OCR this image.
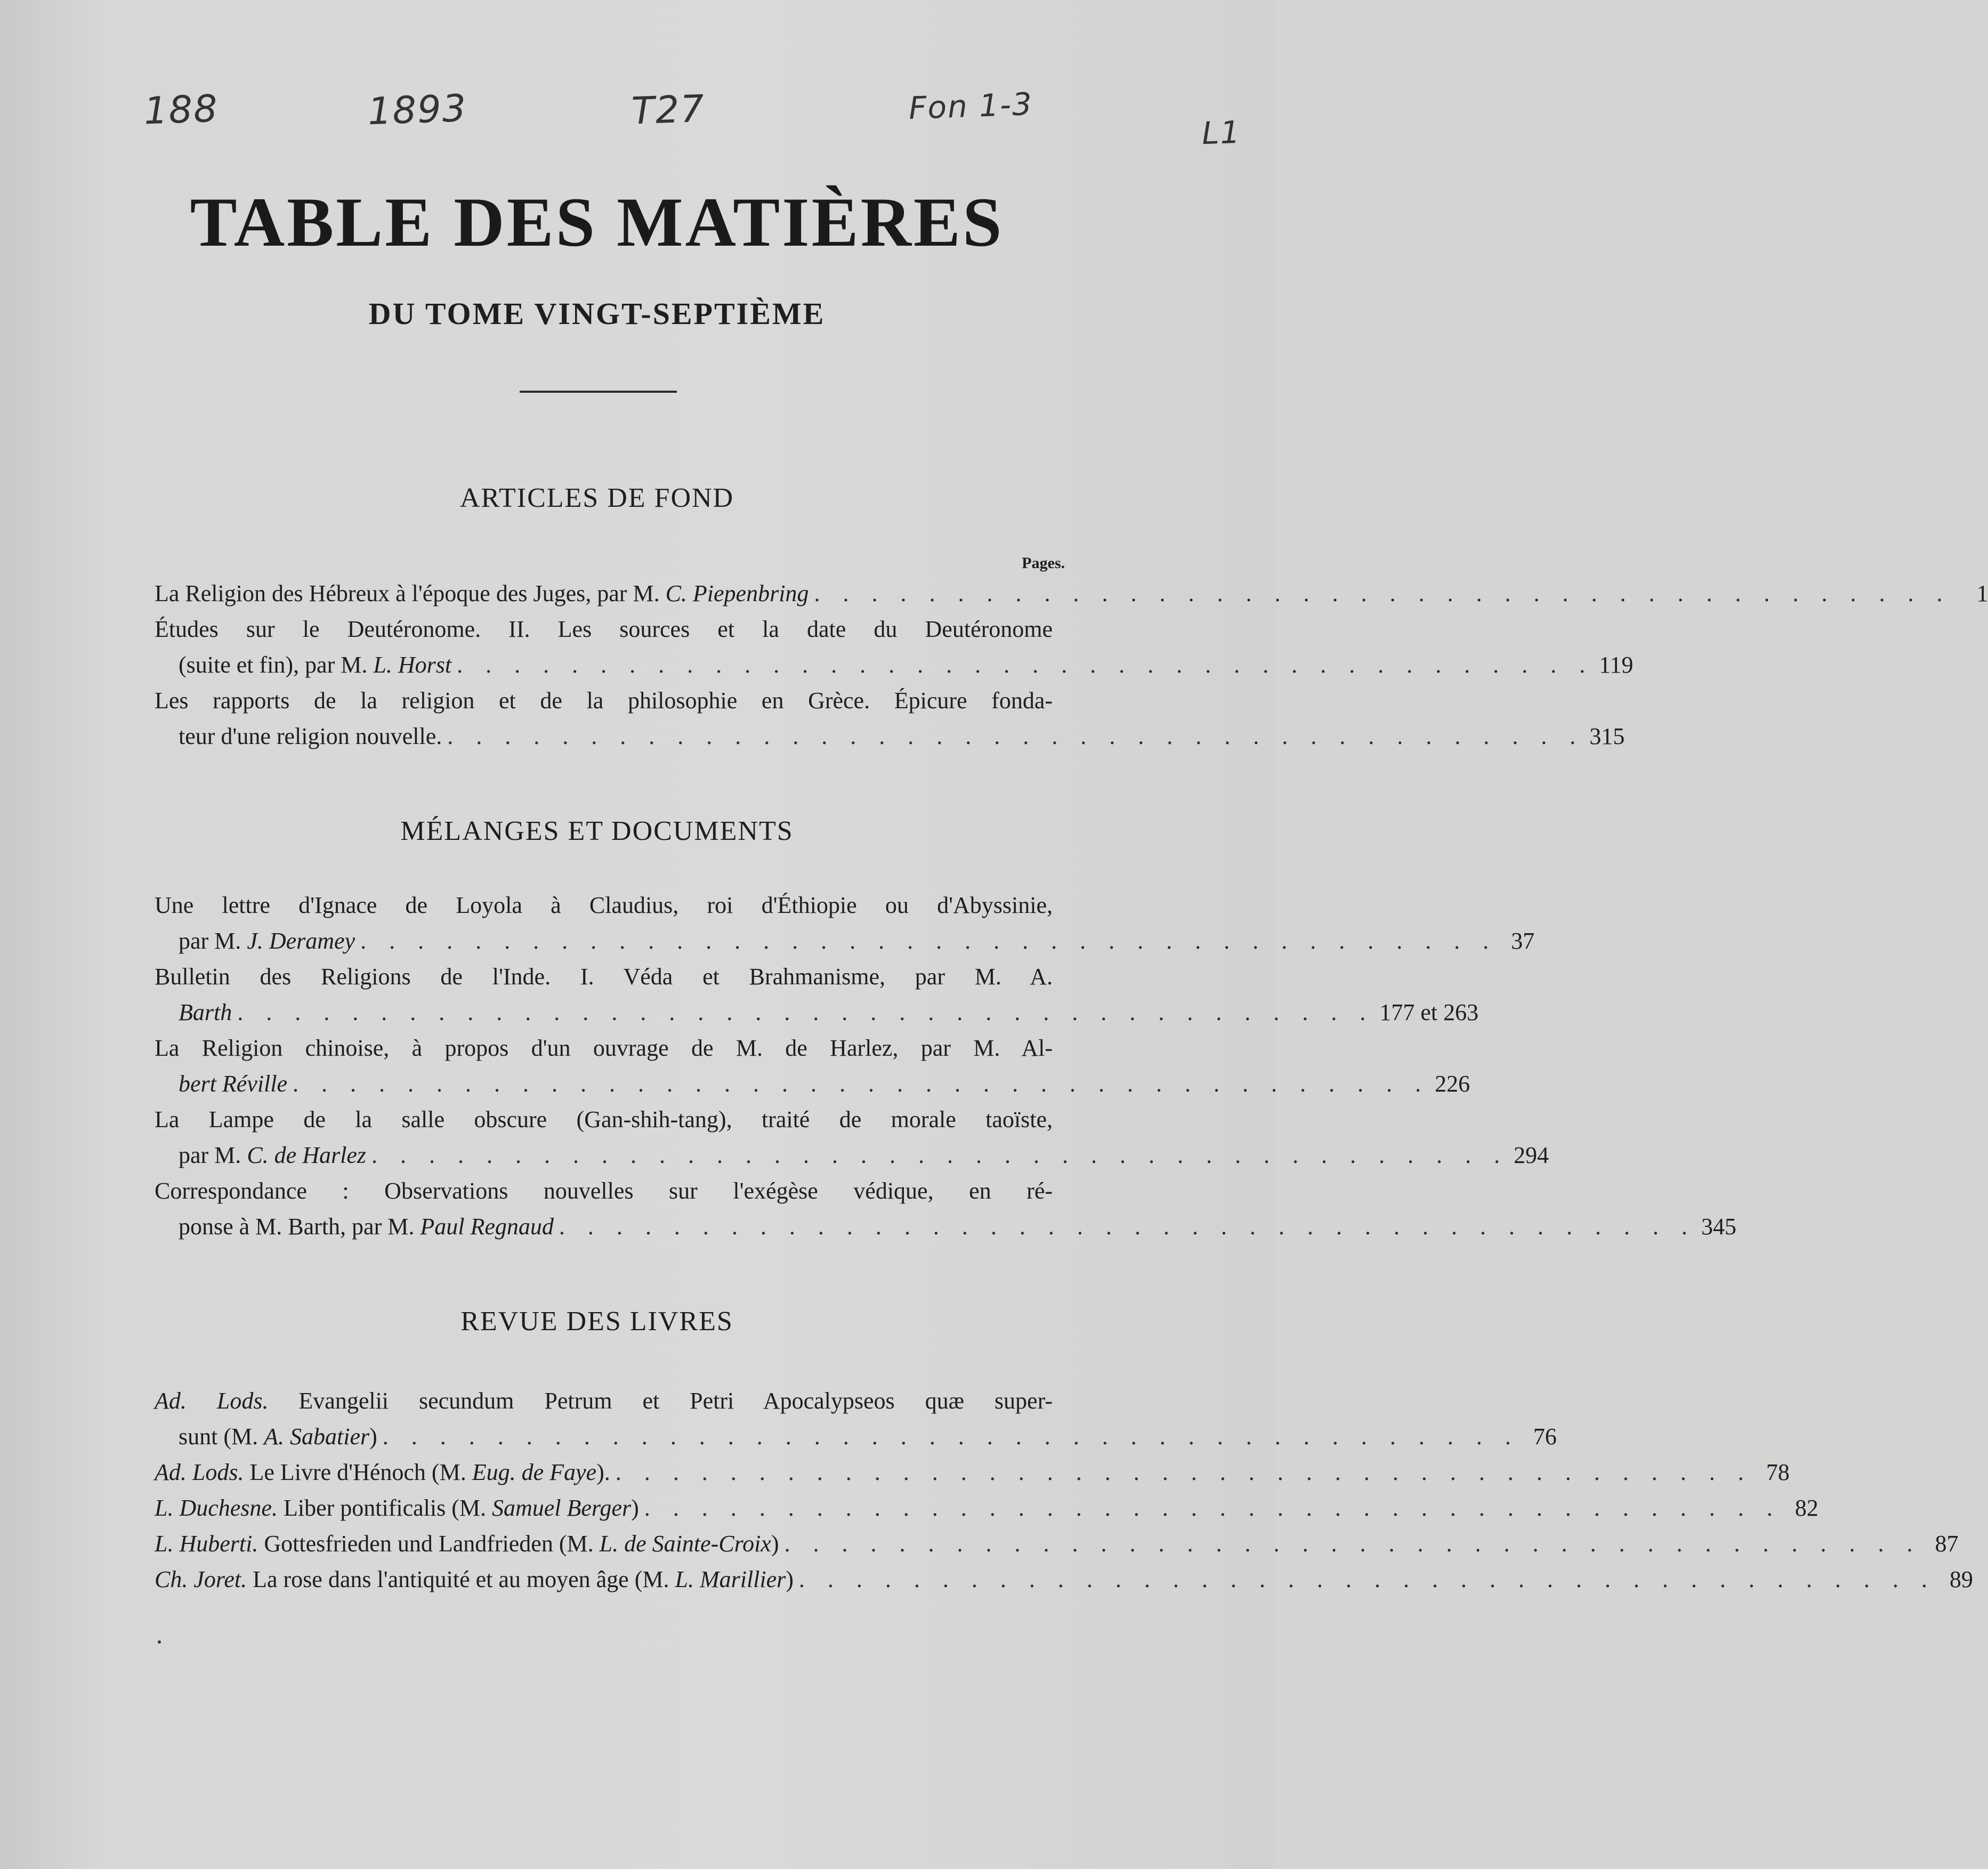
188	1893	T27	Fon 1-3
L1
TABLE DES MATIÈRES
DU TOME VINGT-SEPTIÈME
ARTICLES DE FOND
Pages.
La Religion des Hébreux à l'époque des Juges, par M.
C. Piepenbring . . . . . . . . . . . . . . . . . . . . . . . . . . . . . . . . . . . . . . . .	1
Études sur le Deutéronome. II. Les sources et la date du Deutéronome
(suite et fin), par M.
L. Horst . . . . . . . . . . . . . . . . . . . . . . . . . . . . . . . . . . . . . . . . 119
Les rapports de la religion et de la philosophie en Grèce. Épicure fonda-
teur d'une religion nouvelle. . . . . . . . . . . . . . . . . . . . . . . . . . . . . . . . . . . . . . . . . 315
MÉLANGES ET DOCUMENTS
Une lettre d'Ignace de Loyola à Claudius, roi d'Éthiopie ou d'Abyssinie,
par M.
J. Deramey . . . . . . . . . . . . . . . . . . . . . . . . . . . . . . . . . . . . . . . . 37
Bulletin des Religions de l'Inde. I. Véda et Brahmanisme, par M. A.
Barth . . . . . . . . . . . . . . . . . . . . . . . . . . . . . . . . . . . . . . . . 177 et 263
La Religion chinoise, à propos d'un ouvrage de M. de Harlez, par M. Al-
bert Réville . . . . . . . . . . . . . . . . . . . . . . . . . . . . . . . . . . . . . . . . 226
La Lampe de la salle obscure (Gan-shih-tang), traité de morale taoïste,
par M.
C. de Harlez . . . . . . . . . . . . . . . . . . . . . . . . . . . . . . . . . . . . . . . . 294
Correspondance : Observations nouvelles sur l'exégèse védique, en ré-
ponse à M. Barth, par M.
Paul Regnaud . . . . . . . . . . . . . . . . . . . . . . . . . . . . . . . . . . . . . . . . 345
REVUE DES LIVRES
Ad. Lods. Evangelii secundum Petrum et Petri Apocalypseos quæ super-
sunt (M.
A. Sabatier ) . . . . . . . . . . . . . . . . . . . . . . . . . . . . . . . . . . . . . . . . 76
Ad. Lods.
Le Livre d'Hénoch (M.
Eug. de Faye ). . . . . . . . . . . . . . . . . . . . . . . . . . . . . . . . . . . . . . . . . 78
L. Duchesne.
Liber pontificalis (M.
Samuel Berger ) . . . . . . . . . . . . . . . . . . . . . . . . . . . . . . . . . . . . . . . . 82
L. Huberti.
Gottesfrieden und Landfrieden (M.
L. de Sainte-Croix ) . . . . . . . . . . . . . . . . . . . . . . . . . . . . . . . . . . . . . . . . 87
Ch. Joret.
La rose dans l'antiquité et au moyen âge (M.
L. Marillier ) . . . . . . . . . . . . . . . . . . . . . . . . . . . . . . . . . . . . . . . . 89
